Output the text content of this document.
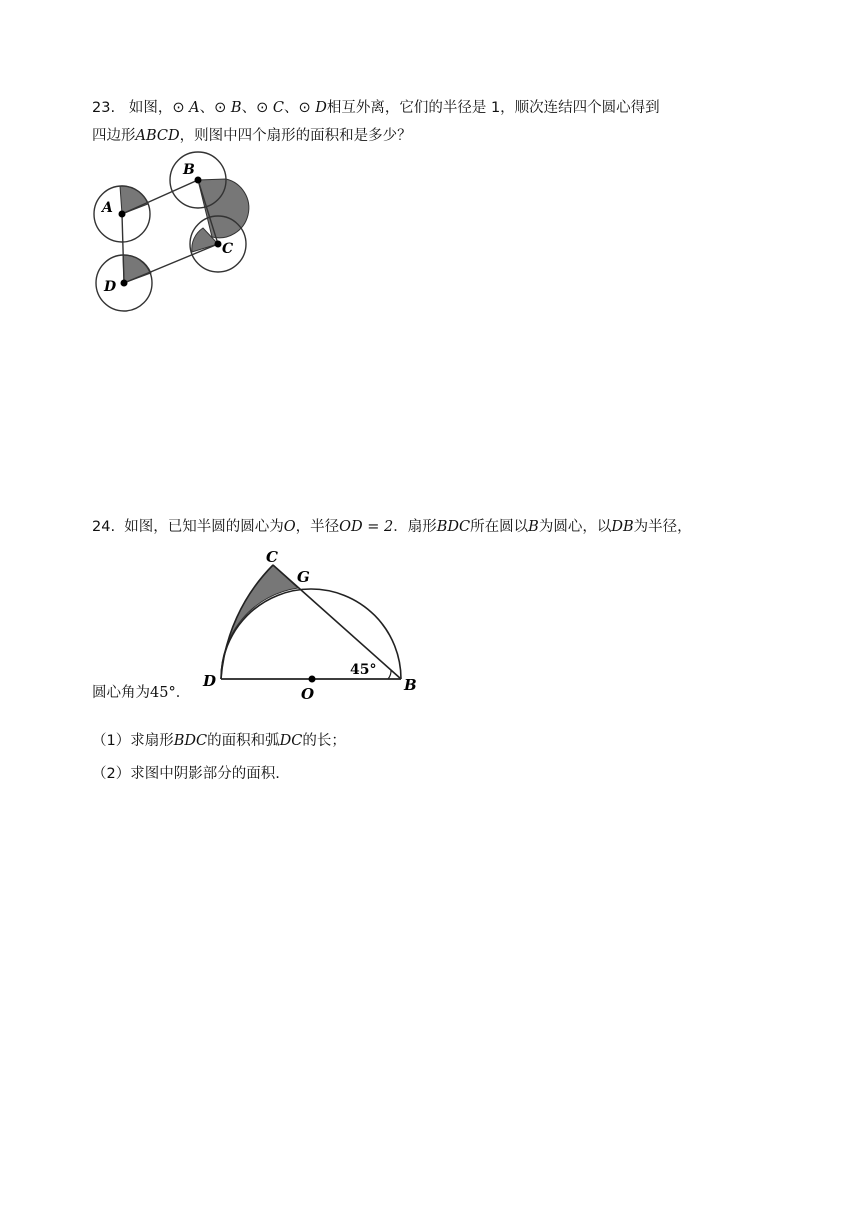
23. 如图，⊙ A、⊙ B、⊙ C、⊙ D相互外离，它们的半径是 1，顺次连结四个圆心得到
四边形ABCD，则图中四个扇形的面积和是多少？
A
B
C
D
24. 如图，已知半圆的圆心为O，半径OD = 2．扇形BDC所在圆以B为圆心，以DB为半径，
C
G
D
O	B
45°
圆心角为45°．
（1）求扇形BDC的面积和弧DC的长；
（2）求图中阴影部分的面积.
